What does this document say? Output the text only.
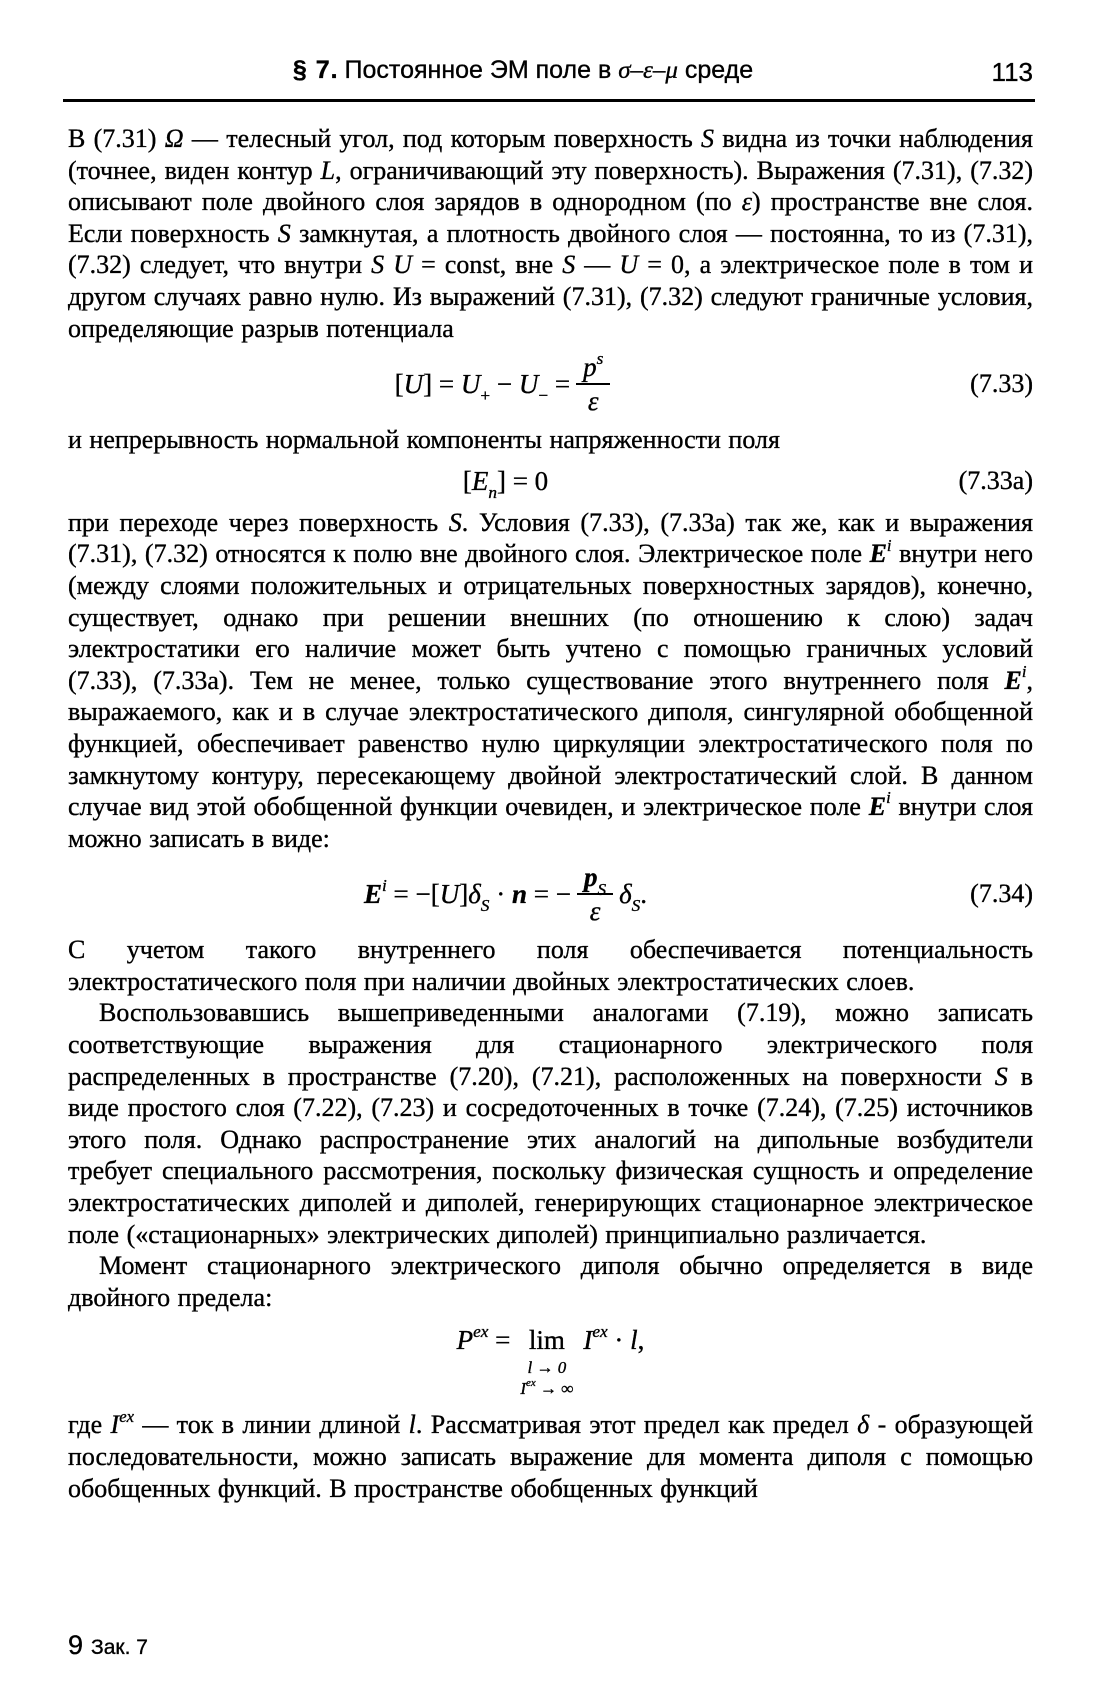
§ 7. Постоянное ЭМ поле в σ–ε–μ среде	113

В (7.31) Ω — телесный угол, под которым поверхность S видна из точки наблюдения (точнее, виден контур L, ограничивающий эту поверхность). Выражения (7.31), (7.32) описывают поле двойного слоя зарядов в однородном (по ε) пространстве вне слоя. Если поверхность S замкнутая, а плотность двойного слоя — постоянна, то из (7.31), (7.32) следует, что внутри S U = const, вне S — U = 0, а электрическое поле в том и другом случаях равно нулю. Из выражений (7.31), (7.32) следуют граничные условия, определяющие разрыв потенциала

$[U] = U_+ - U_- = \frac{p^s}{\varepsilon}$	(7.33)

и непрерывность нормальной компоненты напряженности поля

$[E_n] = 0$	(7.33а)

при переходе через поверхность S. Условия (7.33), (7.33а) так же, как и выражения (7.31), (7.32) относятся к полю вне двойного слоя. Электрическое поле $E^i$ внутри него (между слоями положительных и отрицательных поверхностных зарядов), конечно, существует, однако при решении внешних (по отношению к слою) задач электростатики его наличие может быть учтено с помощью граничных условий (7.33), (7.33а). Тем не менее, только существование этого внутреннего поля $E^i$, выражаемого, как и в случае электростатического диполя, сингулярной обобщенной функцией, обеспечивает равенство нулю циркуляции электростатического поля по замкнутому контуру, пересекающему двойной электростатический слой. В данном случае вид этой обобщенной функции очевиден, и электрическое поле $E^i$ внутри слоя можно записать в виде:

$E^i = -[U]\delta_S \cdot n$ = − $\frac{p_S}{\varepsilon} \delta_S$.	(7.34)

С учетом такого внутреннего поля обеспечивается потенциальность электростатического поля при наличии двойных электростатических слоев.

Воспользовавшись вышеприведенными аналогами (7.19), можно записать соответствующие выражения для стационарного электрического поля распределенных в пространстве (7.20), (7.21), расположенных на поверхности S в виде простого слоя (7.22), (7.23) и сосредоточенных в точке (7.24), (7.25) источников этого поля. Однако распространение этих аналогий на дипольные возбудители требует специального рассмотрения, поскольку физическая сущность и определение электростатических диполей и диполей, генерирующих стационарное электрическое поле («стационарных» электрических диполей) принципиально различается.

Момент стационарного электрического диполя обычно определяется в виде двойного предела:

$P^{ex} = \lim$
l → 0
$I^{ex}$ → ∞
$I^{ex} \cdot l$,

где $I^{ex}$ — ток в линии длиной l. Рассматривая этот предел как предел δ - образующей последовательности, можно записать выражение для момента диполя с помощью обобщенных функций. В пространстве обобщенных функций

9 Зак. 7
